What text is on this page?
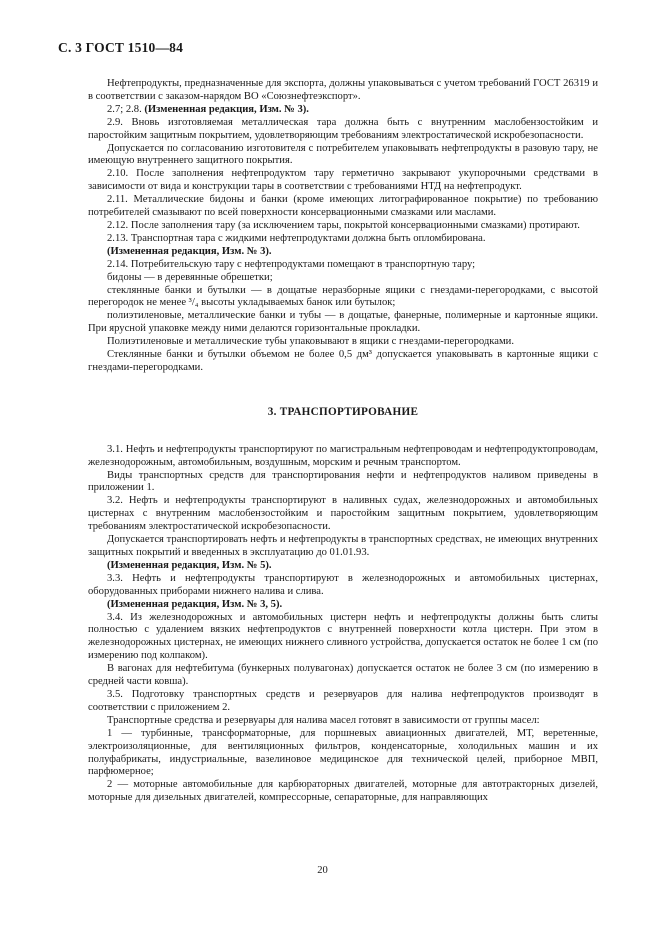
С. 3 ГОСТ 1510—84

Нефтепродукты, предназначенные для экспорта, должны упаковываться с учетом требований ГОСТ 26319 и в соответствии с заказом-нарядом ВО «Союзнефтеэкспорт».

2.7; 2.8. (Измененная редакция, Изм. № 3).

2.9. Вновь изготовляемая металлическая тара должна быть с внутренним маслобензостойким и паростойким защитным покрытием, удовлетворяющим требованиям электростатической искробезопасности.

Допускается по согласованию изготовителя с потребителем упаковывать нефтепродукты в разовую тару, не имеющую внутреннего защитного покрытия.

2.10. После заполнения нефтепродуктом тару герметично закрывают укупорочными средствами в зависимости от вида и конструкции тары в соответствии с требованиями НТД на нефтепродукт.

2.11. Металлические бидоны и банки (кроме имеющих литографированное покрытие) по требованию потребителей смазывают по всей поверхности консервационными смазками или маслами.

2.12. После заполнения тару (за исключением тары, покрытой консервационными смазками) протирают.

2.13. Транспортная тара с жидкими нефтепродуктами должна быть опломбирована.

(Измененная редакция, Изм. № 3).

2.14. Потребительскую тару с нефтепродуктами помещают в транспортную тару;

бидоны — в деревянные обрешетки;

стеклянные банки и бутылки — в дощатые неразборные ящики с гнездами-перегородками, с высотой перегородок не менее ³/₄ высоты укладываемых банок или бутылок;

полиэтиленовые, металлические банки и тубы — в дощатые, фанерные, полимерные и картонные ящики. При ярусной упаковке между ними делаются горизонтальные прокладки.

Полиэтиленовые и металлические тубы упаковывают в ящики с гнездами-перегородками.

Стеклянные банки и бутылки объемом не более 0,5 дм³ допускается упаковывать в картонные ящики с гнездами-перегородками.

3. ТРАНСПОРТИРОВАНИЕ

3.1. Нефть и нефтепродукты транспортируют по магистральным нефтепроводам и нефтепродуктопроводам, железнодорожным, автомобильным, воздушным, морским и речным транспортом.

Виды транспортных средств для транспортирования нефти и нефтепродуктов наливом приведены в приложении 1.

3.2. Нефть и нефтепродукты транспортируют в наливных судах, железнодорожных и автомобильных цистернах с внутренним маслобензостойким и паростойким защитным покрытием, удовлетворяющим требованиям электростатической искробезопасности.

Допускается транспортировать нефть и нефтепродукты в транспортных средствах, не имеющих внутренних защитных покрытий и введенных в эксплуатацию до 01.01.93.

(Измененная редакция, Изм. № 5).

3.3. Нефть и нефтепродукты транспортируют в железнодорожных и автомобильных цистернах, оборудованных приборами нижнего налива и слива.

(Измененная редакция, Изм. № 3, 5).

3.4. Из железнодорожных и автомобильных цистерн нефть и нефтепродукты должны быть слиты полностью с удалением вязких нефтепродуктов с внутренней поверхности котла цистерн. При этом в железнодорожных цистернах, не имеющих нижнего сливного устройства, допускается остаток не более 1 см (по измерению под колпаком).

В вагонах для нефтебитума (бункерных полувагонах) допускается остаток не более 3 см (по измерению в средней части ковша).

3.5. Подготовку транспортных средств и резервуаров для налива нефтепродуктов производят в соответствии с приложением 2.

Транспортные средства и резервуары для налива масел готовят в зависимости от группы масел:

1 — турбинные, трансформаторные, для поршневых авиационных двигателей, МТ, веретенные, электроизоляционные, для вентиляционных фильтров, конденсаторные, холодильных машин и их полуфабрикаты, индустриальные, вазелиновое медицинское для технической целей, приборное МВП, парфюмерное;

2 — моторные автомобильные для карбюраторных двигателей, моторные для автотракторных дизелей, моторные для дизельных двигателей, компрессорные, сепараторные, для направляющих

20
